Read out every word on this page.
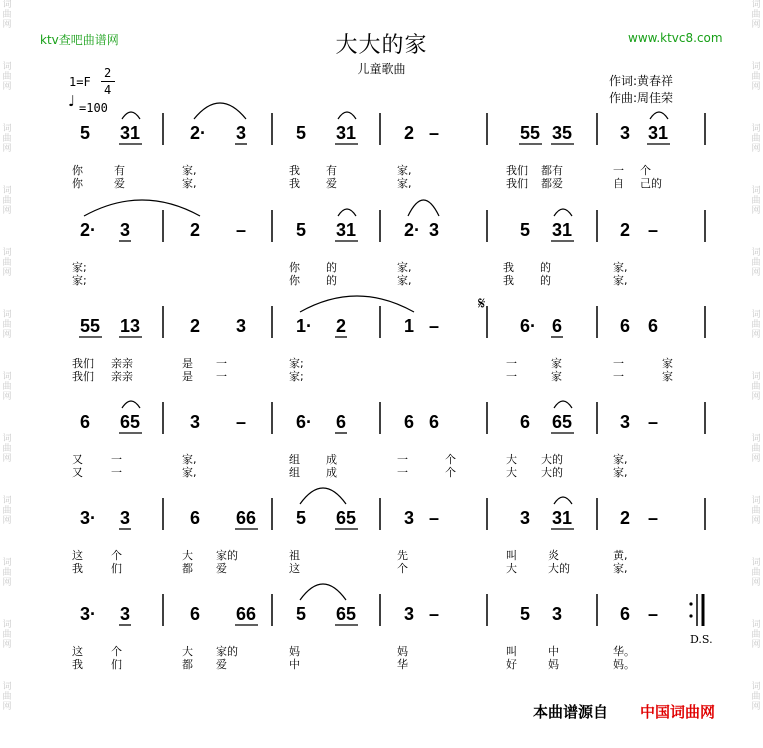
词
曲
网
词
曲
网
词
曲
网
词
曲
网
词
曲
网
词
曲
网
词
曲
网
词
曲
网
词
曲
网
词
曲
网
词
曲
网
词
曲
网
词
曲
网
词
曲
网
词
曲
网
词
曲
网
词
曲
网
词
曲
网
词
曲
网
词
曲
网
词
曲
网
词
曲
网
词
曲
网
词
曲
网
ktv查吧曲谱网	www.ktvc8.com
大大的家
儿童歌曲
1=F
2
4
♩ =100
作词:黄春祥
作曲:周佳荣
5 31	2· 3	5 31	2 –	55 35	3 31
你	有	家,	我 有	家,	我们 都有	一 个
你	爱	家,	我 爱	家,	我们 都爱	自 己的
2· 3	2 –	5 31	2· 3	5 31	2 –
家;	你 的	家,	我 的	家,
家;	你 的	家,	我 的	家,
55 13	2 3	1· 2	1 –	6· 6	6 6
我们 亲亲	是 一	家;	一	家	一	家
我们 亲亲	是 一	家;	一	家	一	家
6 65	3 –	6· 6	6 6	6 65	3 –
又	一	家,	组 成	一	个	大 大的	家,
又	一	家,	组 成	一	个	大 大的	家,
3· 3	6 66 5 65	3 –	3 31	2 –
这	个	大 家的	祖	先	叫	炎	黄,
我	们	都 爱	这	个	大	大的	家,
3· 3	6 66 5 65	3 –	5 3	6 –
这	个	大 家的	妈	妈	叫	中	华。
我	们	都 爱	中	华	好	妈	妈。
𝄋
D.S.
本曲谱源自 中国词曲网
